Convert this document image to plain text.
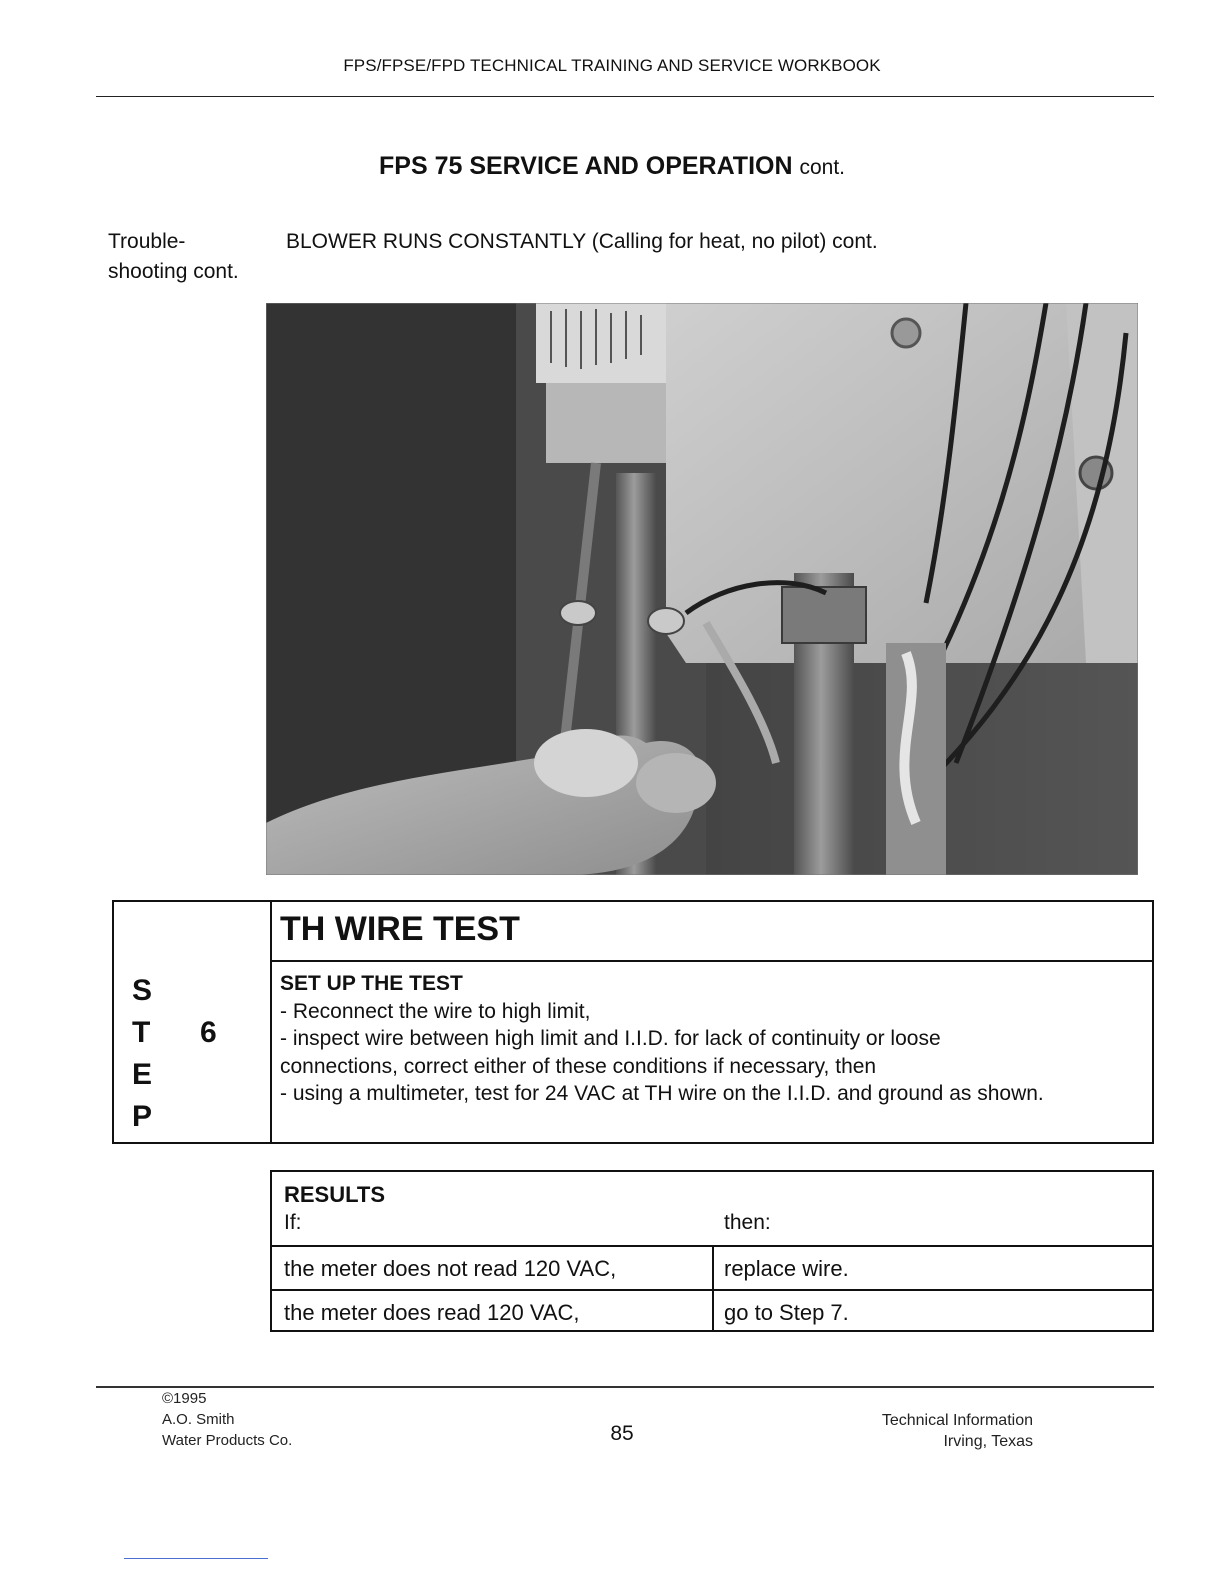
FPS/FPSE/FPD TECHNICAL TRAINING AND SERVICE WORKBOOK
FPS 75 SERVICE AND OPERATION cont.
Trouble-
shooting cont.
BLOWER RUNS CONSTANTLY (Calling for heat, no pilot) cont.
TH WIRE TEST
S
T
E
P
6
SET UP THE TEST
- Reconnect the wire to high limit,
- inspect wire between high limit and I.I.D. for lack of continuity or loose
connections, correct either of these conditions if necessary, then
- using a multimeter, test for 24 VAC at TH wire on the I.I.D. and ground as shown.
RESULTS
If:	then:
the meter does not read 120 VAC,	replace wire.
the meter does read 120 VAC,	go to Step 7.
©1995
A.O. Smith
Water Products Co.	85
Technical Information
Irving, Texas
